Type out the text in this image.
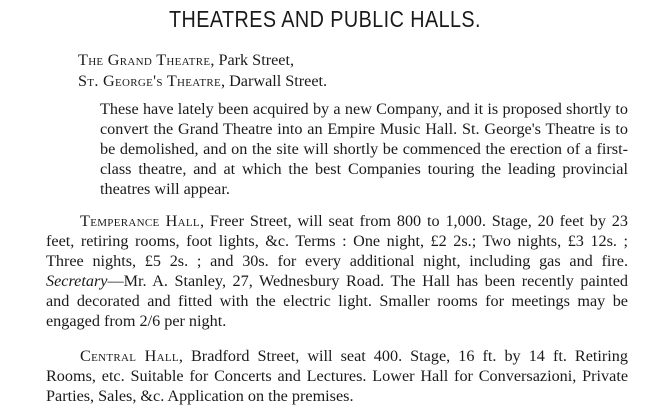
THEATRES AND PUBLIC HALLS.

The Grand Theatre, Park Street,

St. George's Theatre, Darwall Street.

These have lately been acquired by a new Company, and it is proposed shortly to convert the Grand Theatre into an Empire Music Hall. St. George's Theatre is to be demolished, and on the site will shortly be commenced the erection of a first-class theatre, and at which the best Companies touring the leading provincial theatres will appear.

Temperance Hall, Freer Street, will seat from 800 to 1,000. Stage, 20 feet by 23 feet, retiring rooms, foot lights, &c. Terms : One night, £2 2s.; Two nights, £3 12s. ; Three nights, £5 2s. ; and 30s. for every additional night, including gas and fire. Secretary—Mr. A. Stanley, 27, Wednesbury Road. The Hall has been recently painted and decorated and fitted with the electric light. Smaller rooms for meetings may be engaged from 2/6 per night.

Central Hall, Bradford Street, will seat 400. Stage, 16 ft. by 14 ft. Retiring Rooms, etc. Suitable for Concerts and Lectures. Lower Hall for Conversazioni, Private Parties, Sales, &c. Application on the premises.
